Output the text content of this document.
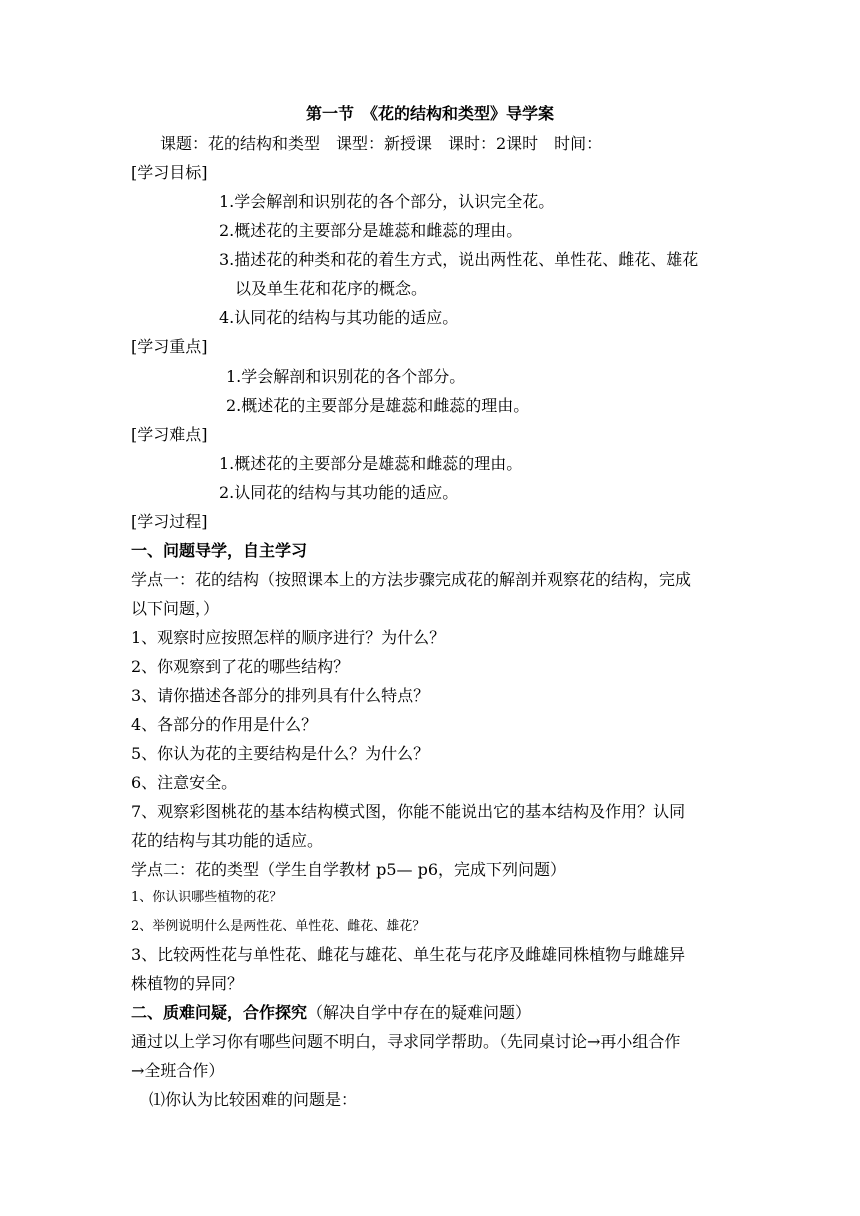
第一节　《花的结构和类型》导学案
课题：花的结构和类型　课型：新授课　课时：2课时　时间：
[学习目标]
1.学会解剖和识别花的各个部分，认识完全花。
2.概述花的主要部分是雄蕊和雌蕊的理由。
3.描述花的种类和花的着生方式，说出两性花、单性花、雌花、雄花
以及单生花和花序的概念。
4.认同花的结构与其功能的适应。
[学习重点]
1.学会解剖和识别花的各个部分。
2.概述花的主要部分是雄蕊和雌蕊的理由。
[学习难点]
1.概述花的主要部分是雄蕊和雌蕊的理由。
2.认同花的结构与其功能的适应。
[学习过程]
一、问题导学，自主学习
学点一：花的结构（按照课本上的方法步骤完成花的解剖并观察花的结构，完成
以下问题，）
1、观察时应按照怎样的顺序进行？为什么？
2、你观察到了花的哪些结构？
3、请你描述各部分的排列具有什么特点？
4、各部分的作用是什么？
5、你认为花的主要结构是什么？为什么？
6、注意安全。
7、观察彩图桃花的基本结构模式图，你能不能说出它的基本结构及作用？认同
花的结构与其功能的适应。
学点二：花的类型（学生自学教材 p5— p6，完成下列问题）
1、你认识哪些植物的花？
2、举例说明什么是两性花、单性花、雌花、雄花？
3、比较两性花与单性花、雌花与雄花、单生花与花序及雌雄同株植物与雌雄异
株植物的异同？
二、质难问疑，合作探究（解决自学中存在的疑难问题）
通过以上学习你有哪些问题不明白，寻求同学帮助。（先同桌讨论→再小组合作
→全班合作）
⑴你认为比较困难的问题是：
